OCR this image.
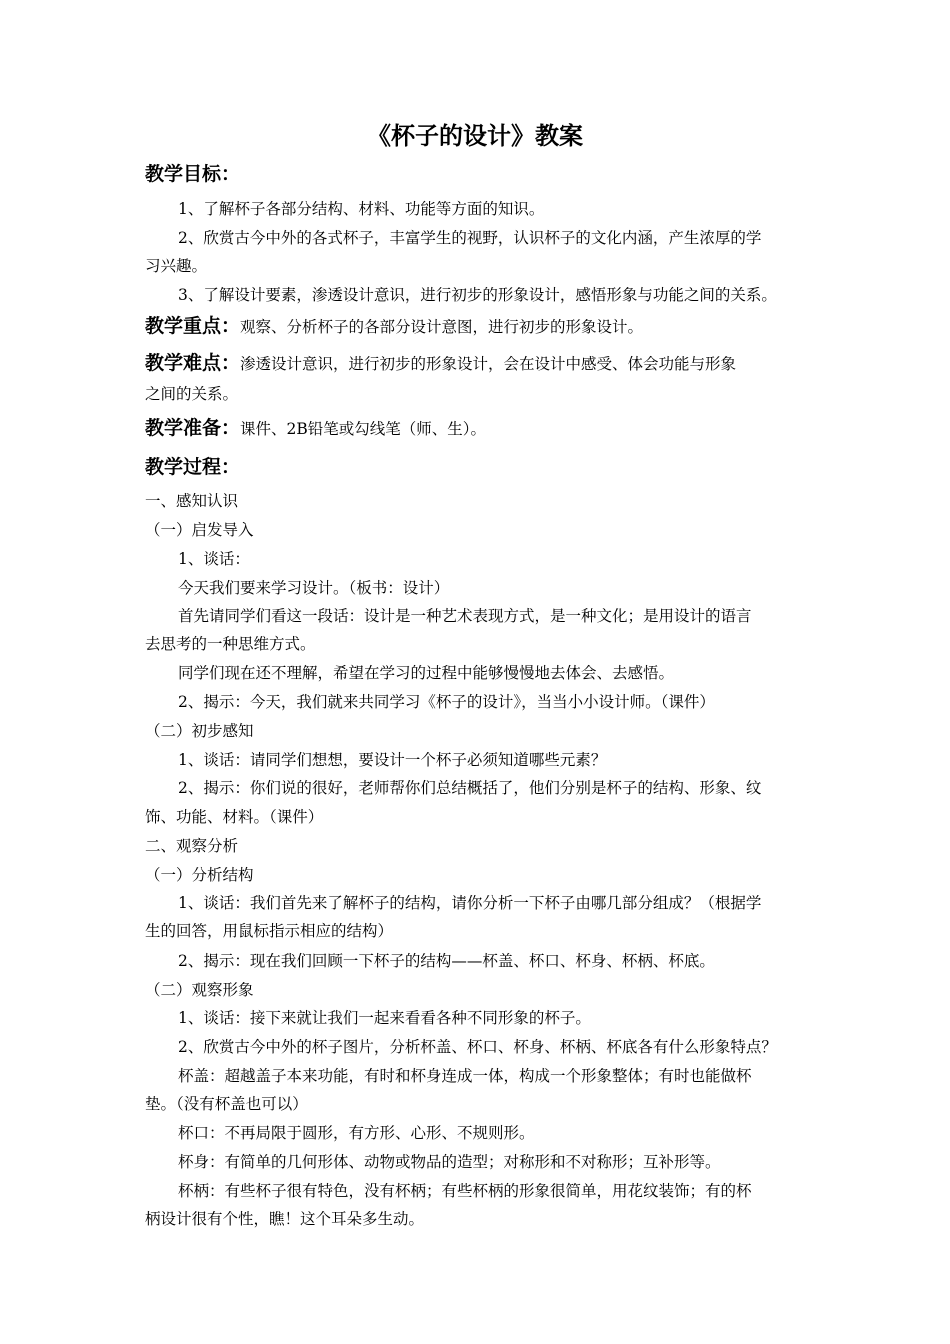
《杯子的设计》教案
教学目标：
1、了解杯子各部分结构、材料、功能等方面的知识。
2、欣赏古今中外的各式杯子，丰富学生的视野，认识杯子的文化内涵，产生浓厚的学
习兴趣。
3、了解设计要素，渗透设计意识，进行初步的形象设计，感悟形象与功能之间的关系。
教学重点：观察、分析杯子的各部分设计意图，进行初步的形象设计。
教学难点：渗透设计意识，进行初步的形象设计，会在设计中感受、体会功能与形象
之间的关系。
教学准备：课件、2B铅笔或勾线笔（师、生）。
教学过程：
一、感知认识
（一）启发导入
1、谈话：
今天我们要来学习设计。（板书：设计）
首先请同学们看这一段话：设计是一种艺术表现方式，是一种文化；是用设计的语言
去思考的一种思维方式。
同学们现在还不理解，希望在学习的过程中能够慢慢地去体会、去感悟。
2、揭示：今天，我们就来共同学习《杯子的设计》，当当小小设计师。（课件）
（二）初步感知
1、谈话：请同学们想想，要设计一个杯子必须知道哪些元素？
2、揭示：你们说的很好，老师帮你们总结概括了，他们分别是杯子的结构、形象、纹
饰、功能、材料。（课件）
二、观察分析
（一）分析结构
1、谈话：我们首先来了解杯子的结构，请你分析一下杯子由哪几部分组成？（根据学
生的回答，用鼠标指示相应的结构）
2、揭示：现在我们回顾一下杯子的结构——杯盖、杯口、杯身、杯柄、杯底。
（二）观察形象
1、谈话：接下来就让我们一起来看看各种不同形象的杯子。
2、欣赏古今中外的杯子图片，分析杯盖、杯口、杯身、杯柄、杯底各有什么形象特点？
杯盖：超越盖子本来功能，有时和杯身连成一体，构成一个形象整体；有时也能做杯
垫。（没有杯盖也可以）
杯口：不再局限于圆形，有方形、心形、不规则形。
杯身：有简单的几何形体、动物或物品的造型；对称形和不对称形；互补形等。
杯柄：有些杯子很有特色，没有杯柄；有些杯柄的形象很简单，用花纹装饰；有的杯
柄设计很有个性，瞧！这个耳朵多生动。
